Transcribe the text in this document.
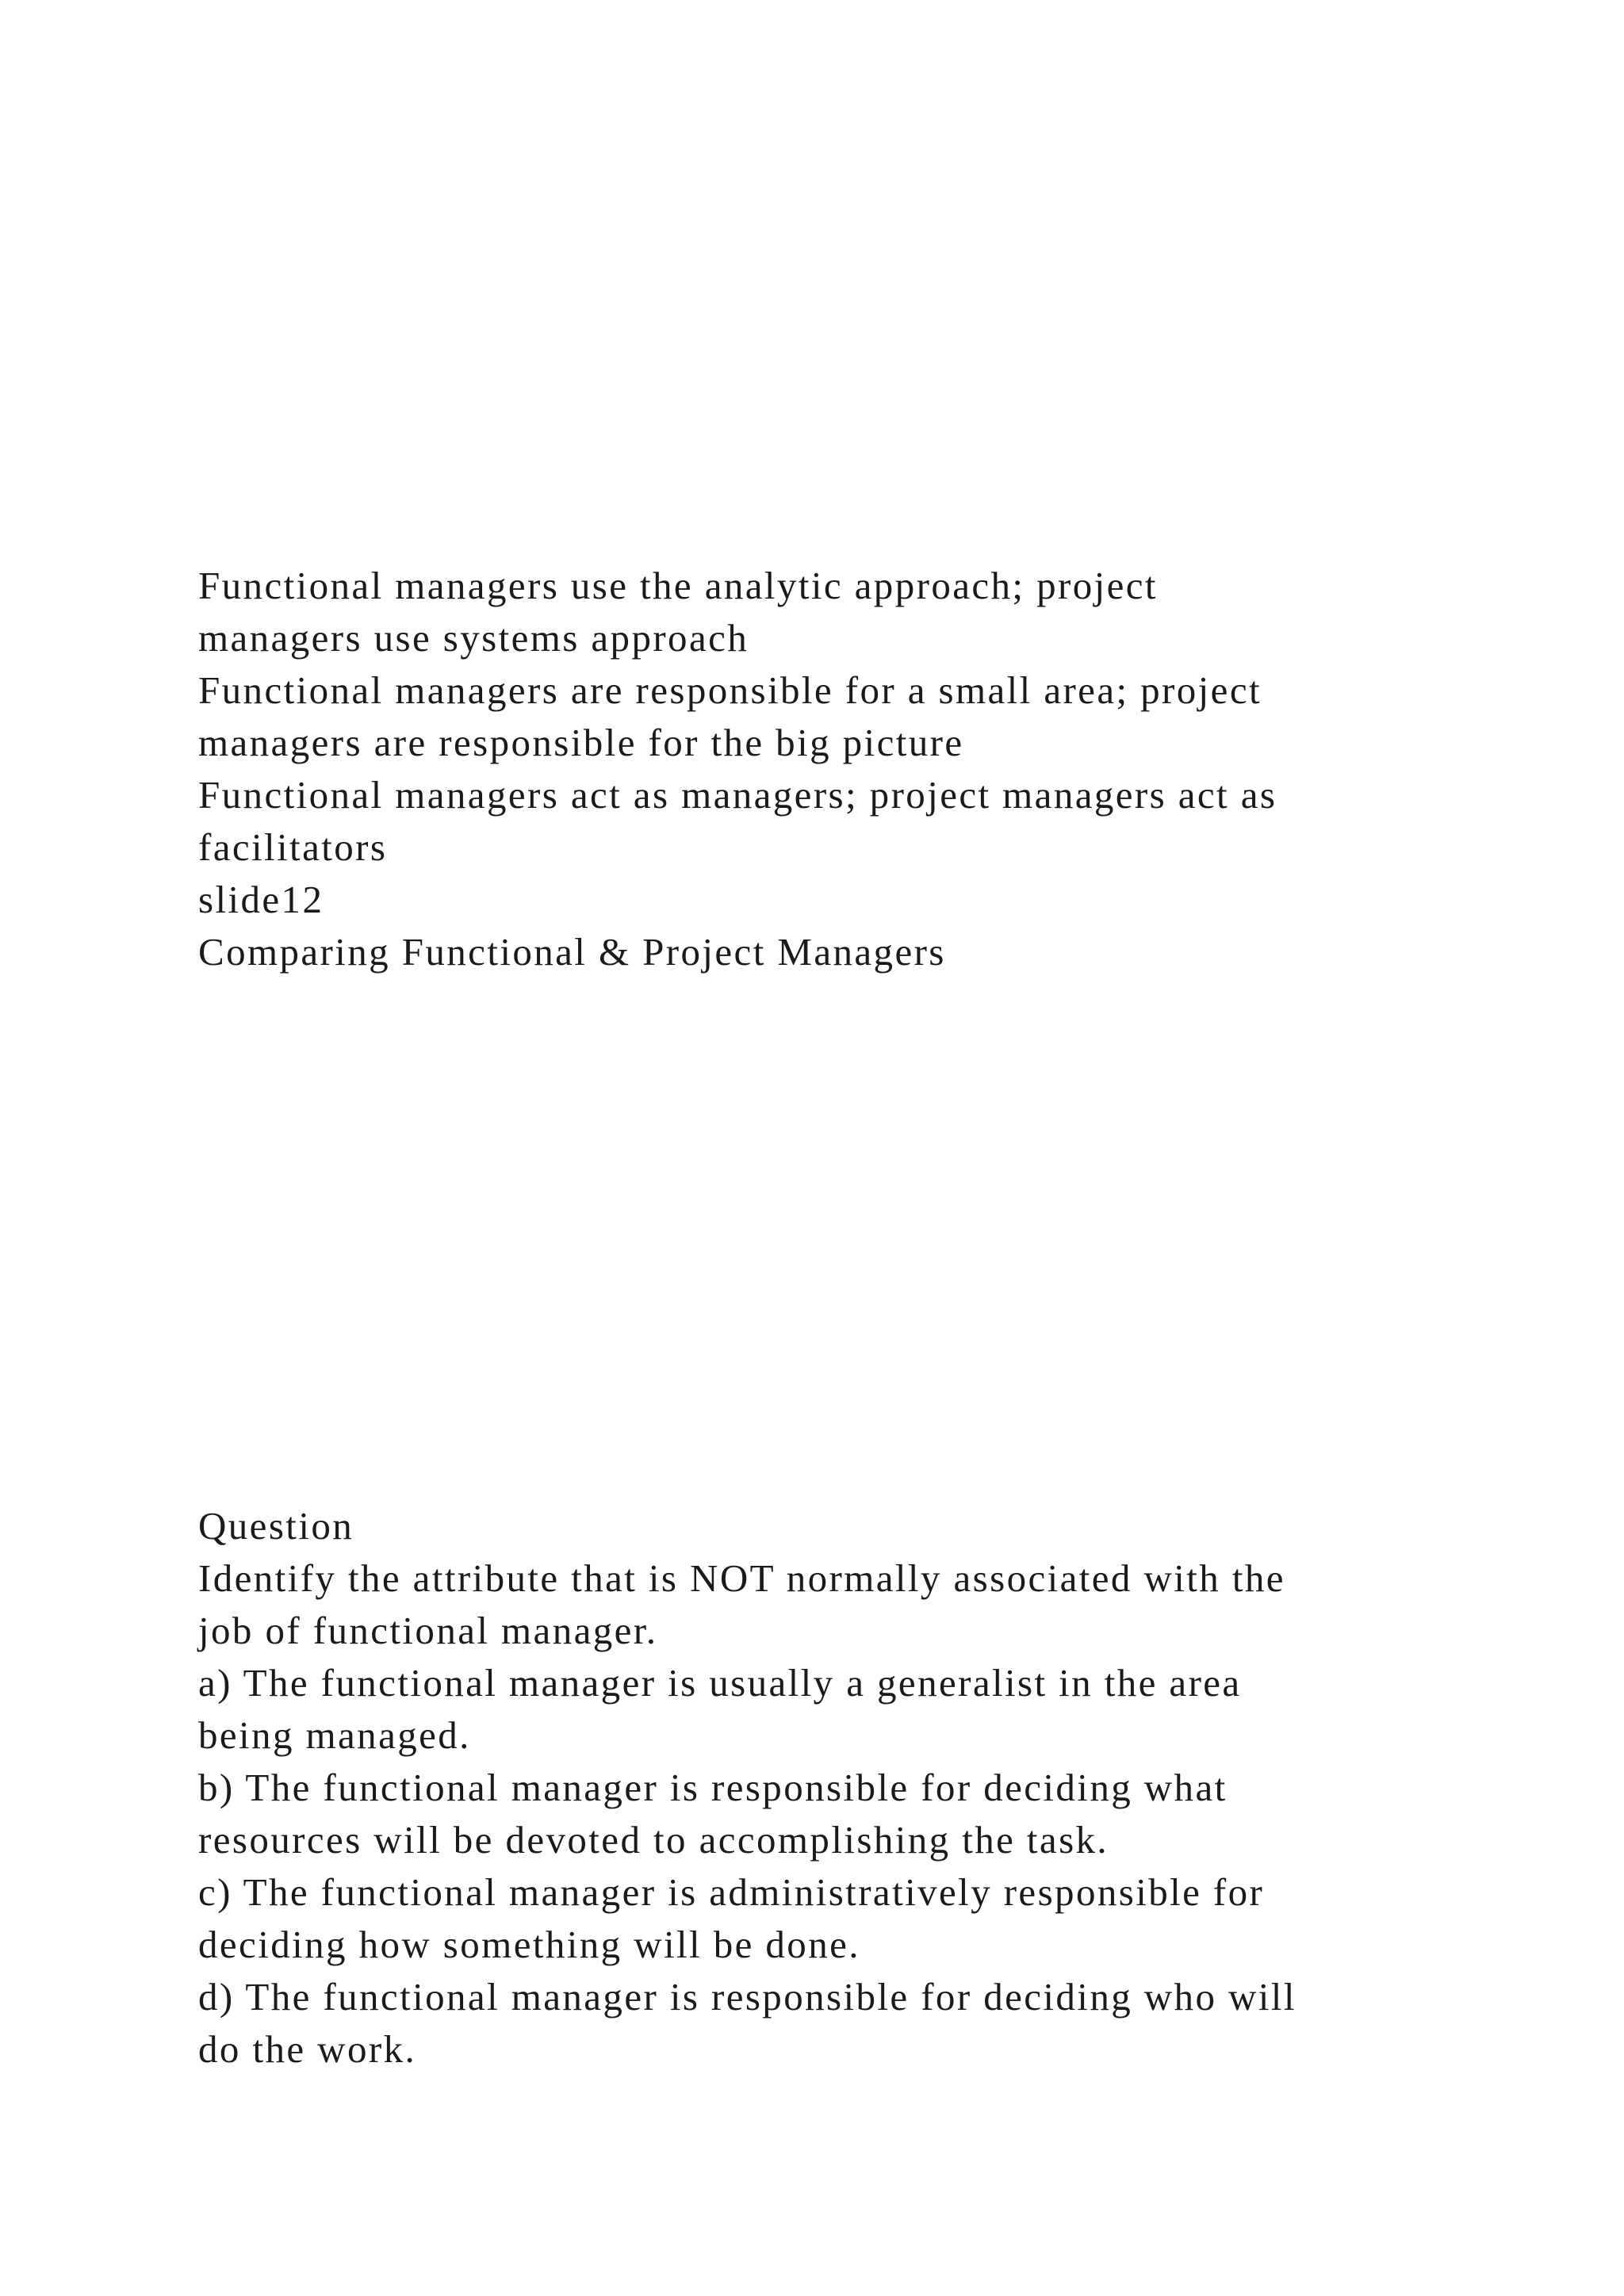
Functional managers use the analytic approach; project
managers use systems approach
Functional managers are responsible for a small area; project
managers are responsible for the big picture
Functional managers act as managers; project managers act as
facilitators
slide12
Comparing Functional & Project Managers
Question
Identify the attribute that is NOT normally associated with the
job of functional manager.
a) The functional manager is usually a generalist in the area
being managed.
b) The functional manager is responsible for deciding what
resources will be devoted to accomplishing the task.
c) The functional manager is administratively responsible for
deciding how something will be done.
d) The functional manager is responsible for deciding who will
do the work.
